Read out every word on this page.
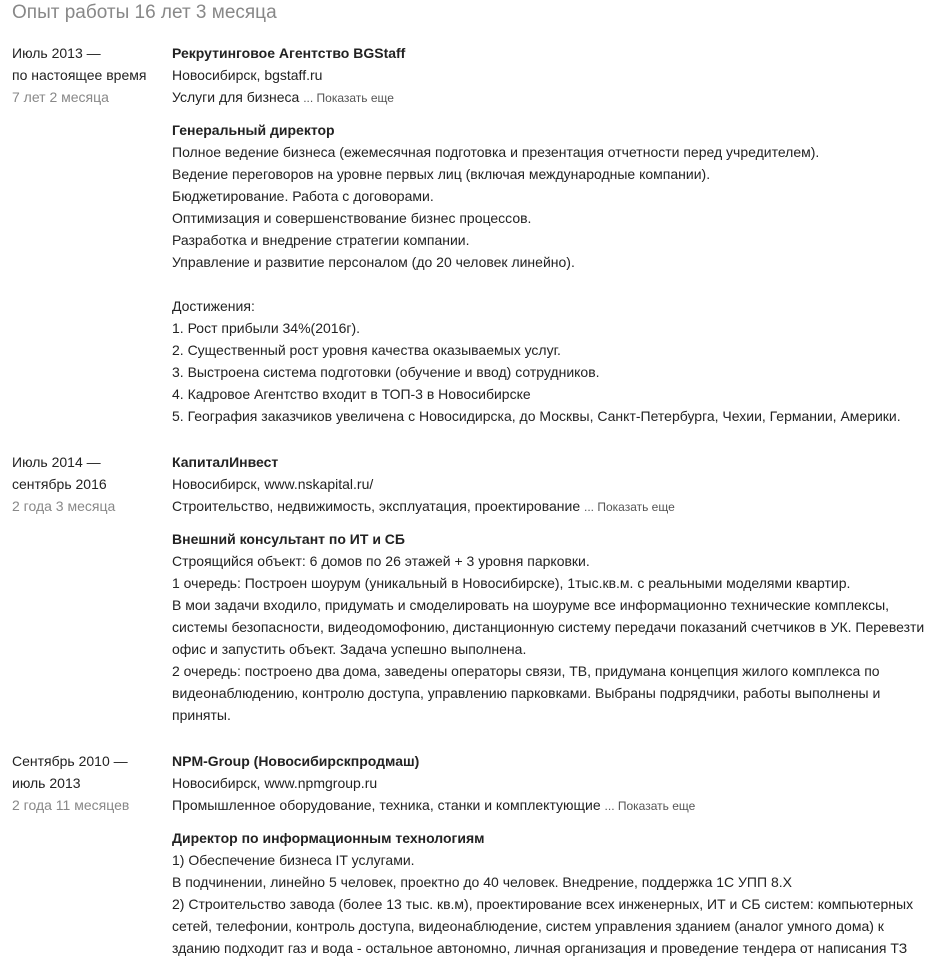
Опыт работы 16 лет 3 месяца
Июль 2013 —
по настоящее время
7 лет 2 месяца
Рекрутинговое Агентство BGStaff
Новосибирск, bgstaff.ru
Услуги для бизнеса ... Показать еще
Генеральный директор

Полное ведение бизнеса (ежемесячная подготовка и презентация отчетности перед учредителем).

Ведение переговоров на уровне первых лиц (включая международные компании).

Бюджетирование. Работа с договорами.

Оптимизация и совершенствование бизнес процессов.

Разработка и внедрение стратегии компании.

Управление и развитие персоналом (до 20 человек линейно).

Достижения:

1. Рост прибыли 34%(2016г).

2. Существенный рост уровня качества оказываемых услуг.

3. Выстроена система подготовки (обучение и ввод) сотрудников.

4. Кадровое Агентство входит в ТОП-3 в Новосибирске

5. География заказчиков увеличена с Новосидирска, до Москвы, Санкт-Петербурга, Чехии, Германии, Америки.

Июль 2014 —
сентябрь 2016
2 года 3 месяца
КапиталИнвест
Новосибирск, www.nskapital.ru/
Строительство, недвижимость, эксплуатация, проектирование ... Показать еще
Внешний консультант по ИТ и СБ

Строящийся объект: 6 домов по 26 этажей + 3 уровня парковки.

1 очередь: Построен шоурум (уникальный в Новосибирске), 1тыс.кв.м. с реальными моделями квартир.

В мои задачи входило, придумать и смоделировать на шоуруме все информационно технические комплексы,

системы безопасности, видеодомофонию, дистанционную систему передачи показаний счетчиков в УК. Перевезти

офис и запустить объект. Задача успешно выполнена.

2 очередь: построено два дома, заведены операторы связи, ТВ, придумана концепция жилого комплекса по

видеонаблюдению, контролю доступа, управлению парковками. Выбраны подрядчики, работы выполнены и

приняты.

Сентябрь 2010 —
июль 2013
2 года 11 месяцев
NPM-Group (Новосибирскпродмаш)
Новосибирск, www.npmgroup.ru
Промышленное оборудование, техника, станки и комплектующие ... Показать еще
Директор по информационным технологиям

1) Обеспечение бизнеса IT услугами.

В подчинении, линейно 5 человек, проектно до 40 человек. Внедрение, поддержка 1С УПП 8.Х

2) Строительство завода (более 13 тыс. кв.м), проектирование всех инженерных, ИТ и СБ систем: компьютерных

сетей, телефонии, контроль доступа, видеонаблюдение, систем управления зданием (аналог умного дома) к

зданию подходит газ и вода - остальное автономно, личная организация и проведение тендера от написания ТЗ
